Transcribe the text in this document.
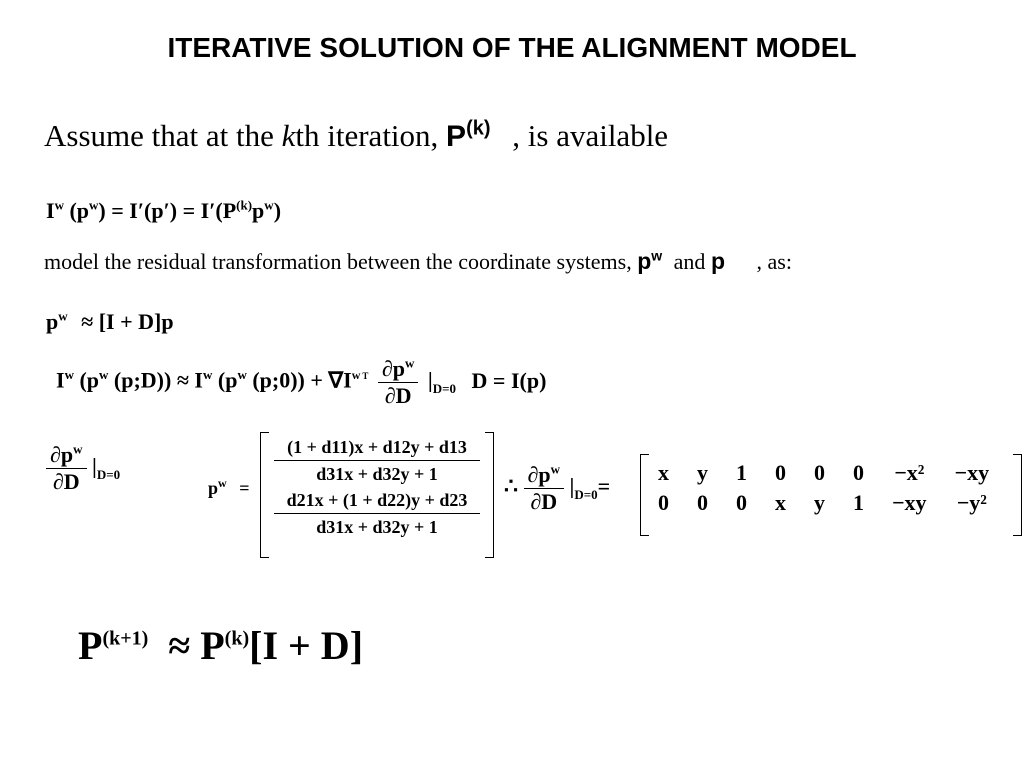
ITERATIVE SOLUTION OF THE ALIGNMENT MODEL
Assume that at the kth iteration, $P^{(k)}$ , is available
$I^w$ $(p^w) = I'(p') = I'(P^{(k)}p^w)$
model the residual transformation between the coordinate systems, $p^w$ and p , as:
$p^w \approx [I + D]p$
$I^w$ ($p^w$ (p;D)) ≈ $I^w$ ($p^w$ (p;0)) + $\nabla I^w$ $^T \frac{\partial p^w}{\partial D} |_{D=0}$ D = I(p)
$\frac{\partial p^w}{\partial D} |_{D=0}$
$p^w$ =
(1 + d11)x + d12y + d13
d31x + d32y + 1
d21x + (1 + d22)y + d23
d31x + d32y + 1
∴ $\frac{\partial p^w}{\partial D} |_{D=0}=$
x	y	1	0	0	0	−x²	−xy
0	0	0	x	y	1	−xy	−y²
$P^{(k+1)} \approx P^{(k)}[I + D]$
